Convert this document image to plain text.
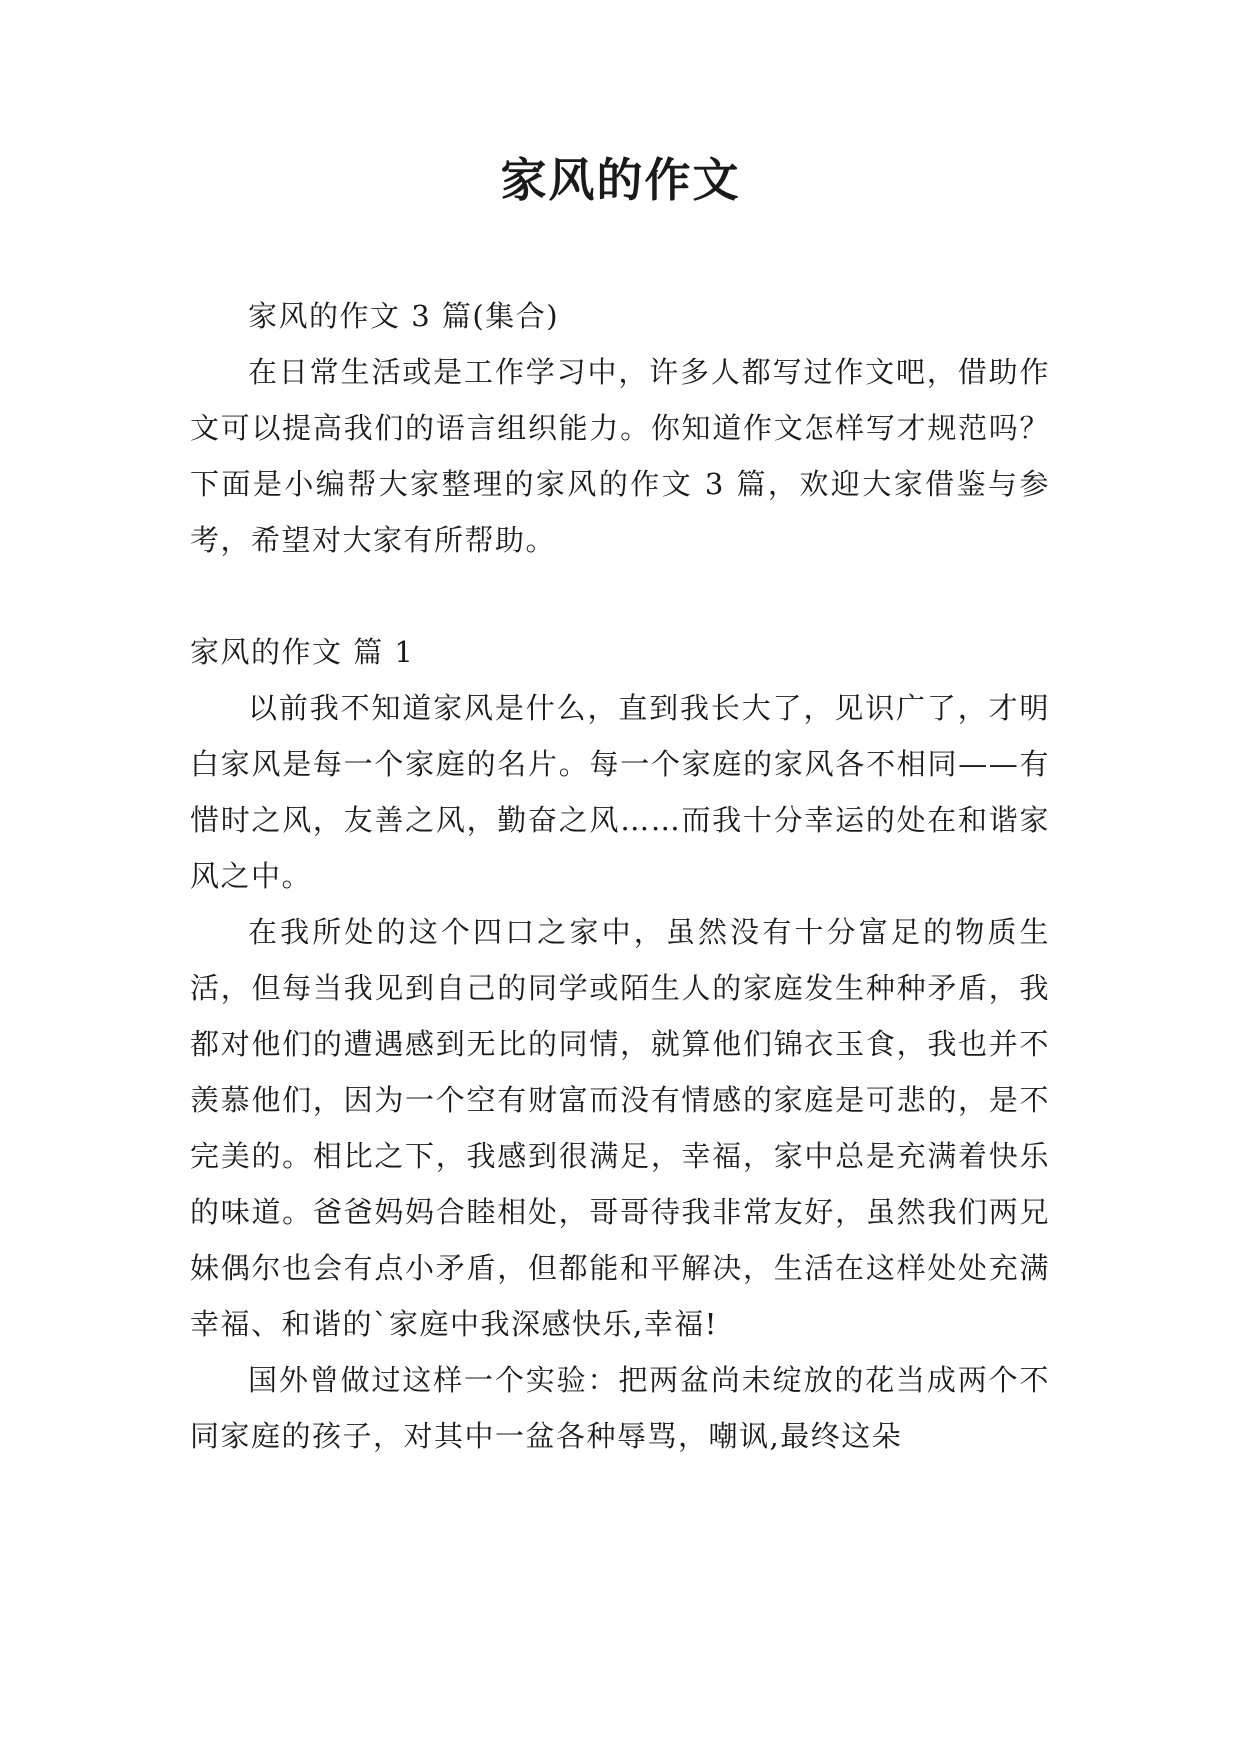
家风的作文

家风的作文 3 篇(集合)

在日常生活或是工作学习中，许多人都写过作文吧，借助作文可以提高我们的语言组织能力。你知道作文怎样写才规范吗？下面是小编帮大家整理的家风的作文 3 篇，欢迎大家借鉴与参考，希望对大家有所帮助。

家风的作文 篇 1

以前我不知道家风是什么，直到我长大了，见识广了，才明白家风是每一个家庭的名片。每一个家庭的家风各不相同——有惜时之风，友善之风，勤奋之风……而我十分幸运的处在和谐家风之中。

在我所处的这个四口之家中，虽然没有十分富足的物质生活，但每当我见到自己的同学或陌生人的家庭发生种种矛盾，我都对他们的遭遇感到无比的同情，就算他们锦衣玉食，我也并不羡慕他们，因为一个空有财富而没有情感的家庭是可悲的，是不完美的。相比之下，我感到很满足，幸福，家中总是充满着快乐的味道。爸爸妈妈合睦相处，哥哥待我非常友好，虽然我们两兄妹偶尔也会有点小矛盾，但都能和平解决，生活在这样处处充满幸福、和谐的`家庭中我深感快乐,幸福!

国外曾做过这样一个实验：把两盆尚未绽放的花当成两个不同家庭的孩子，对其中一盆各种辱骂，嘲讽,最终这朵
